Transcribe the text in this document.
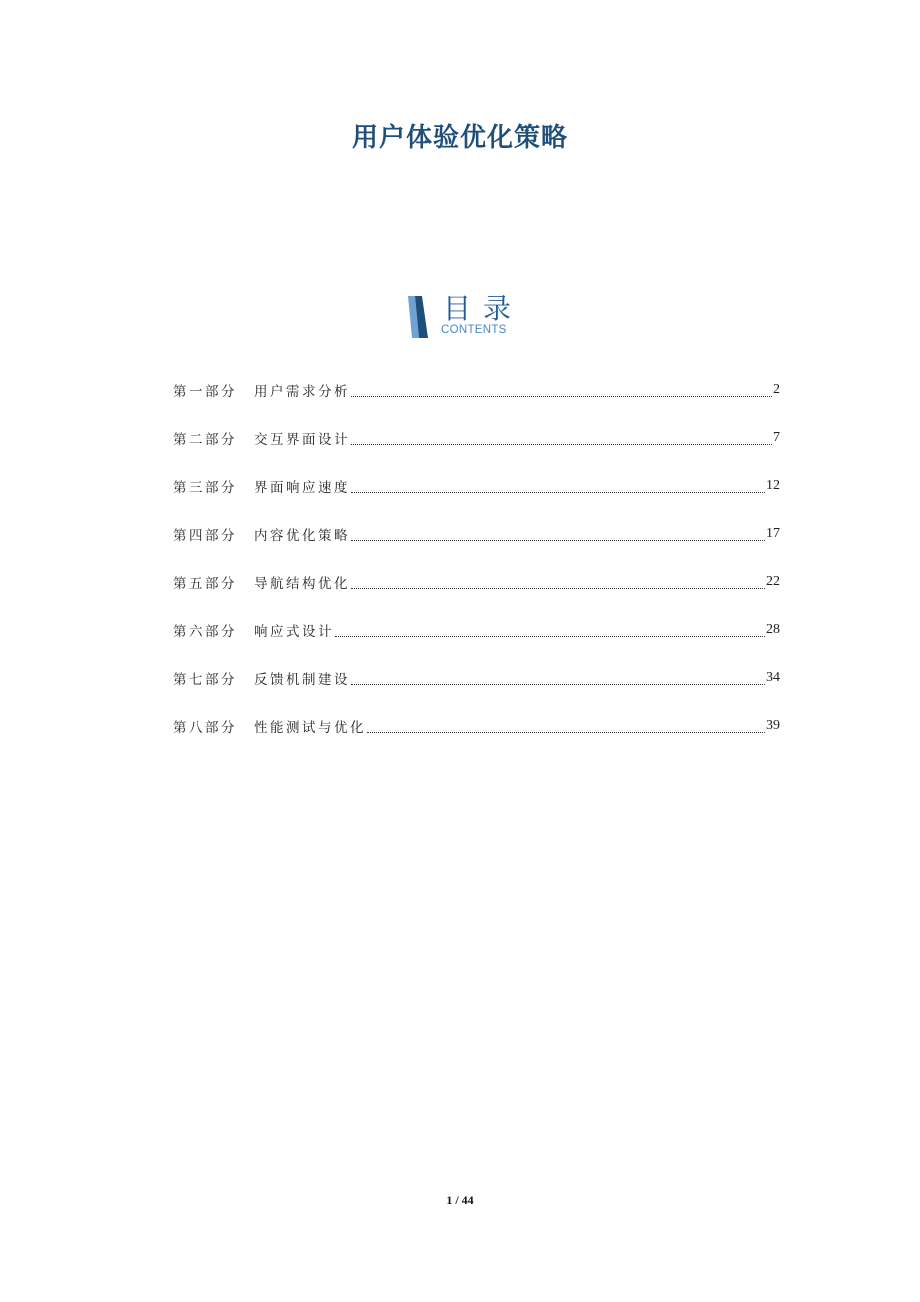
用户体验优化策略
目录
CONTENTS
第一部分	用户需求分析	2
第二部分	交互界面设计	7
第三部分	界面响应速度	12
第四部分	内容优化策略	17
第五部分	导航结构优化	22
第六部分	响应式设计	28
第七部分	反馈机制建设	34
第八部分	性能测试与优化	39
1 / 44
